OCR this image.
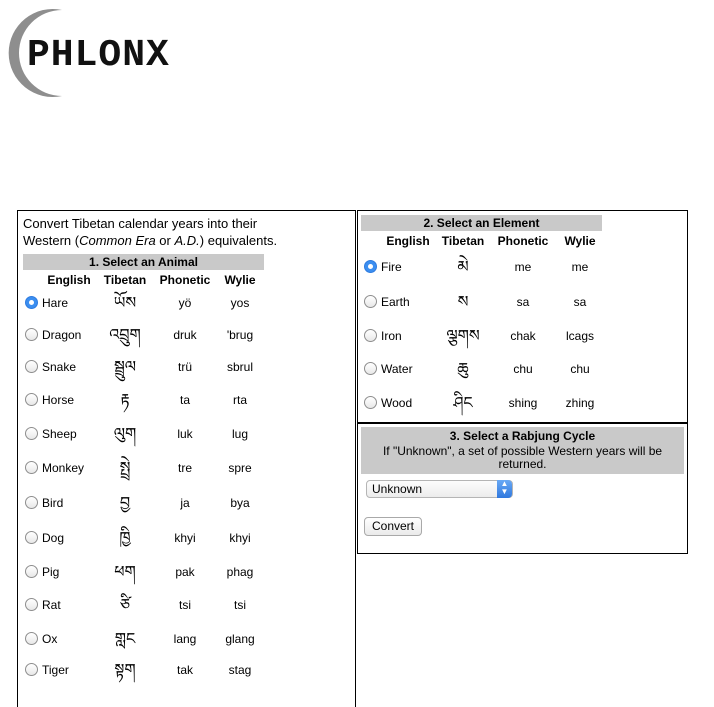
PHLONX
Convert Tibetan calendar years into their
Western (Common Era or A.D.) equivalents.
1. Select an Animal
English	Tibetan	Phonetic	Wylie
Hare	ཡོས	yö	yos
Dragon	འབྲུག	druk	'brug
Snake	སྦྲུལ	trü	sbrul
Horse	རྟ	ta	rta
Sheep	ལུག	luk	lug
Monkey	སྤྲེ	tre	spre
Bird	བྱ	ja	bya
Dog	ཁྱི	khyi	khyi
Pig	ཕག	pak	phag
Rat	ཙི	tsi	tsi
Ox	གླང	lang	glang
Tiger	སྟག	tak	stag
2. Select an Element
English	Tibetan	Phonetic	Wylie
Fire	མེ	me	me
Earth	ས	sa	sa
Iron	ལྕགས	chak	lcags
Water	ཆུ	chu	chu
Wood	ཤིང	shing	zhing
3. Select a Rabjung Cycle
If "Unknown", a set of possible Western years will be returned.
Unknown	▲
▼
Convert
